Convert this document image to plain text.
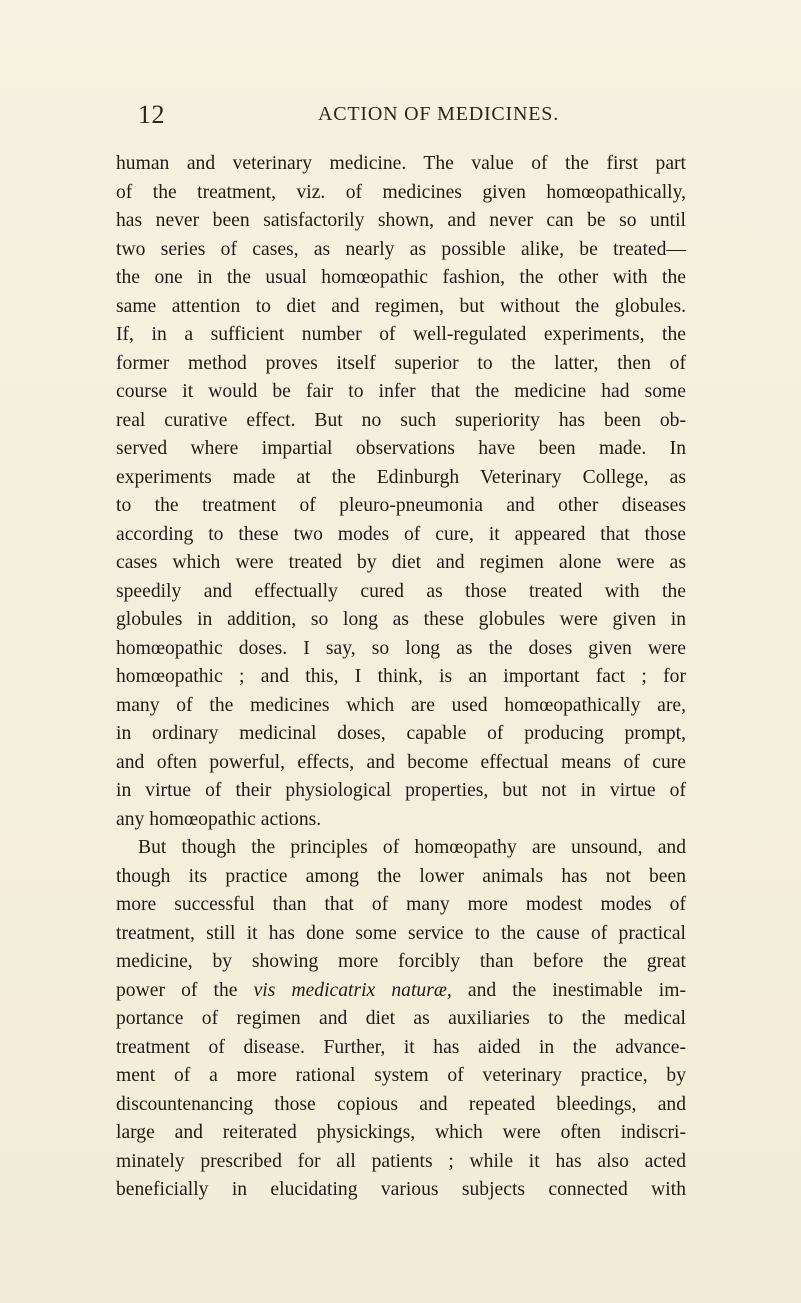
12	ACTION OF MEDICINES.
human and veterinary medicine. The value of the first part
of the treatment, viz. of medicines given homœopathically,
has never been satisfactorily shown, and never can be so until
two series of cases, as nearly as possible alike, be treated—
the one in the usual homœopathic fashion, the other with the
same attention to diet and regimen, but without the globules.
If, in a sufficient number of well-regulated experiments, the
former method proves itself superior to the latter, then of
course it would be fair to infer that the medicine had some
real curative effect. But no such superiority has been ob-
served where impartial observations have been made. In
experiments made at the Edinburgh Veterinary College, as
to the treatment of pleuro-pneumonia and other diseases
according to these two modes of cure, it appeared that those
cases which were treated by diet and regimen alone were as
speedily and effectually cured as those treated with the
globules in addition, so long as these globules were given in
homœopathic doses. I say, so long as the doses given were
homœopathic ; and this, I think, is an important fact ; for
many of the medicines which are used homœopathically are,
in ordinary medicinal doses, capable of producing prompt,
and often powerful, effects, and become effectual means of cure
in virtue of their physiological properties, but not in virtue of
any homœopathic actions.
But though the principles of homœopathy are unsound, and
though its practice among the lower animals has not been
more successful than that of many more modest modes of
treatment, still it has done some service to the cause of practical
medicine, by showing more forcibly than before the great
power of the vis medicatrix naturæ, and the inestimable im-
portance of regimen and diet as auxiliaries to the medical
treatment of disease. Further, it has aided in the advance-
ment of a more rational system of veterinary practice, by
discountenancing those copious and repeated bleedings, and
large and reiterated physickings, which were often indiscri-
minately prescribed for all patients ; while it has also acted
beneficially in elucidating various subjects connected with
